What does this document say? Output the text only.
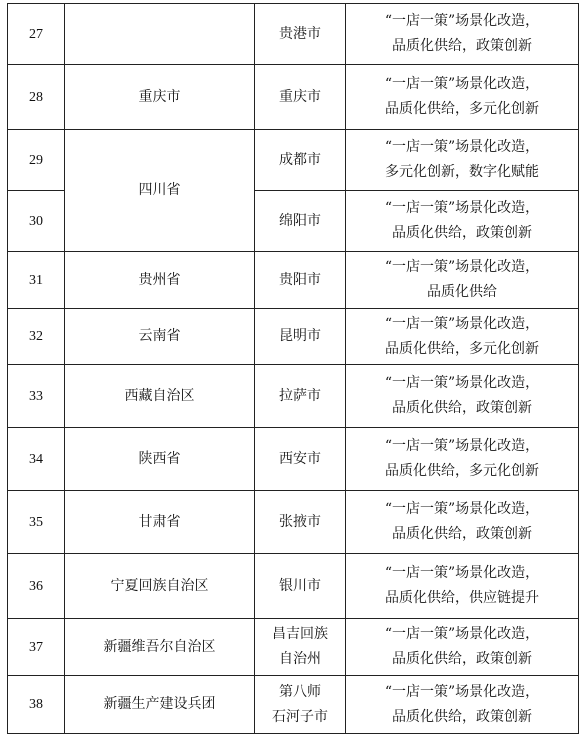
27		贵港市	“一店一策”场景化改造，
品质化供给，政策创新

28	重庆市	重庆市	“一店一策”场景化改造，
品质化供给，多元化创新

29	四川省	成都市	“一店一策”场景化改造，
多元化创新，数字化赋能

30		绵阳市	“一店一策”场景化改造，
品质化供给，政策创新

31	贵州省	贵阳市	“一店一策”场景化改造，
品质化供给

32	云南省	昆明市	“一店一策”场景化改造，
品质化供给，多元化创新

33	西藏自治区	拉萨市	“一店一策”场景化改造，
品质化供给，政策创新

34	陕西省	西安市	“一店一策”场景化改造，
品质化供给，多元化创新

35	甘肃省	张掖市	“一店一策”场景化改造，
品质化供给，政策创新

36	宁夏回族自治区	银川市	“一店一策”场景化改造，
品质化供给，供应链提升

37	新疆维吾尔自治区	昌吉回族
自治州	“一店一策”场景化改造，
品质化供给，政策创新

38	新疆生产建设兵团	第八师
石河子市	“一店一策”场景化改造，
品质化供给，政策创新
